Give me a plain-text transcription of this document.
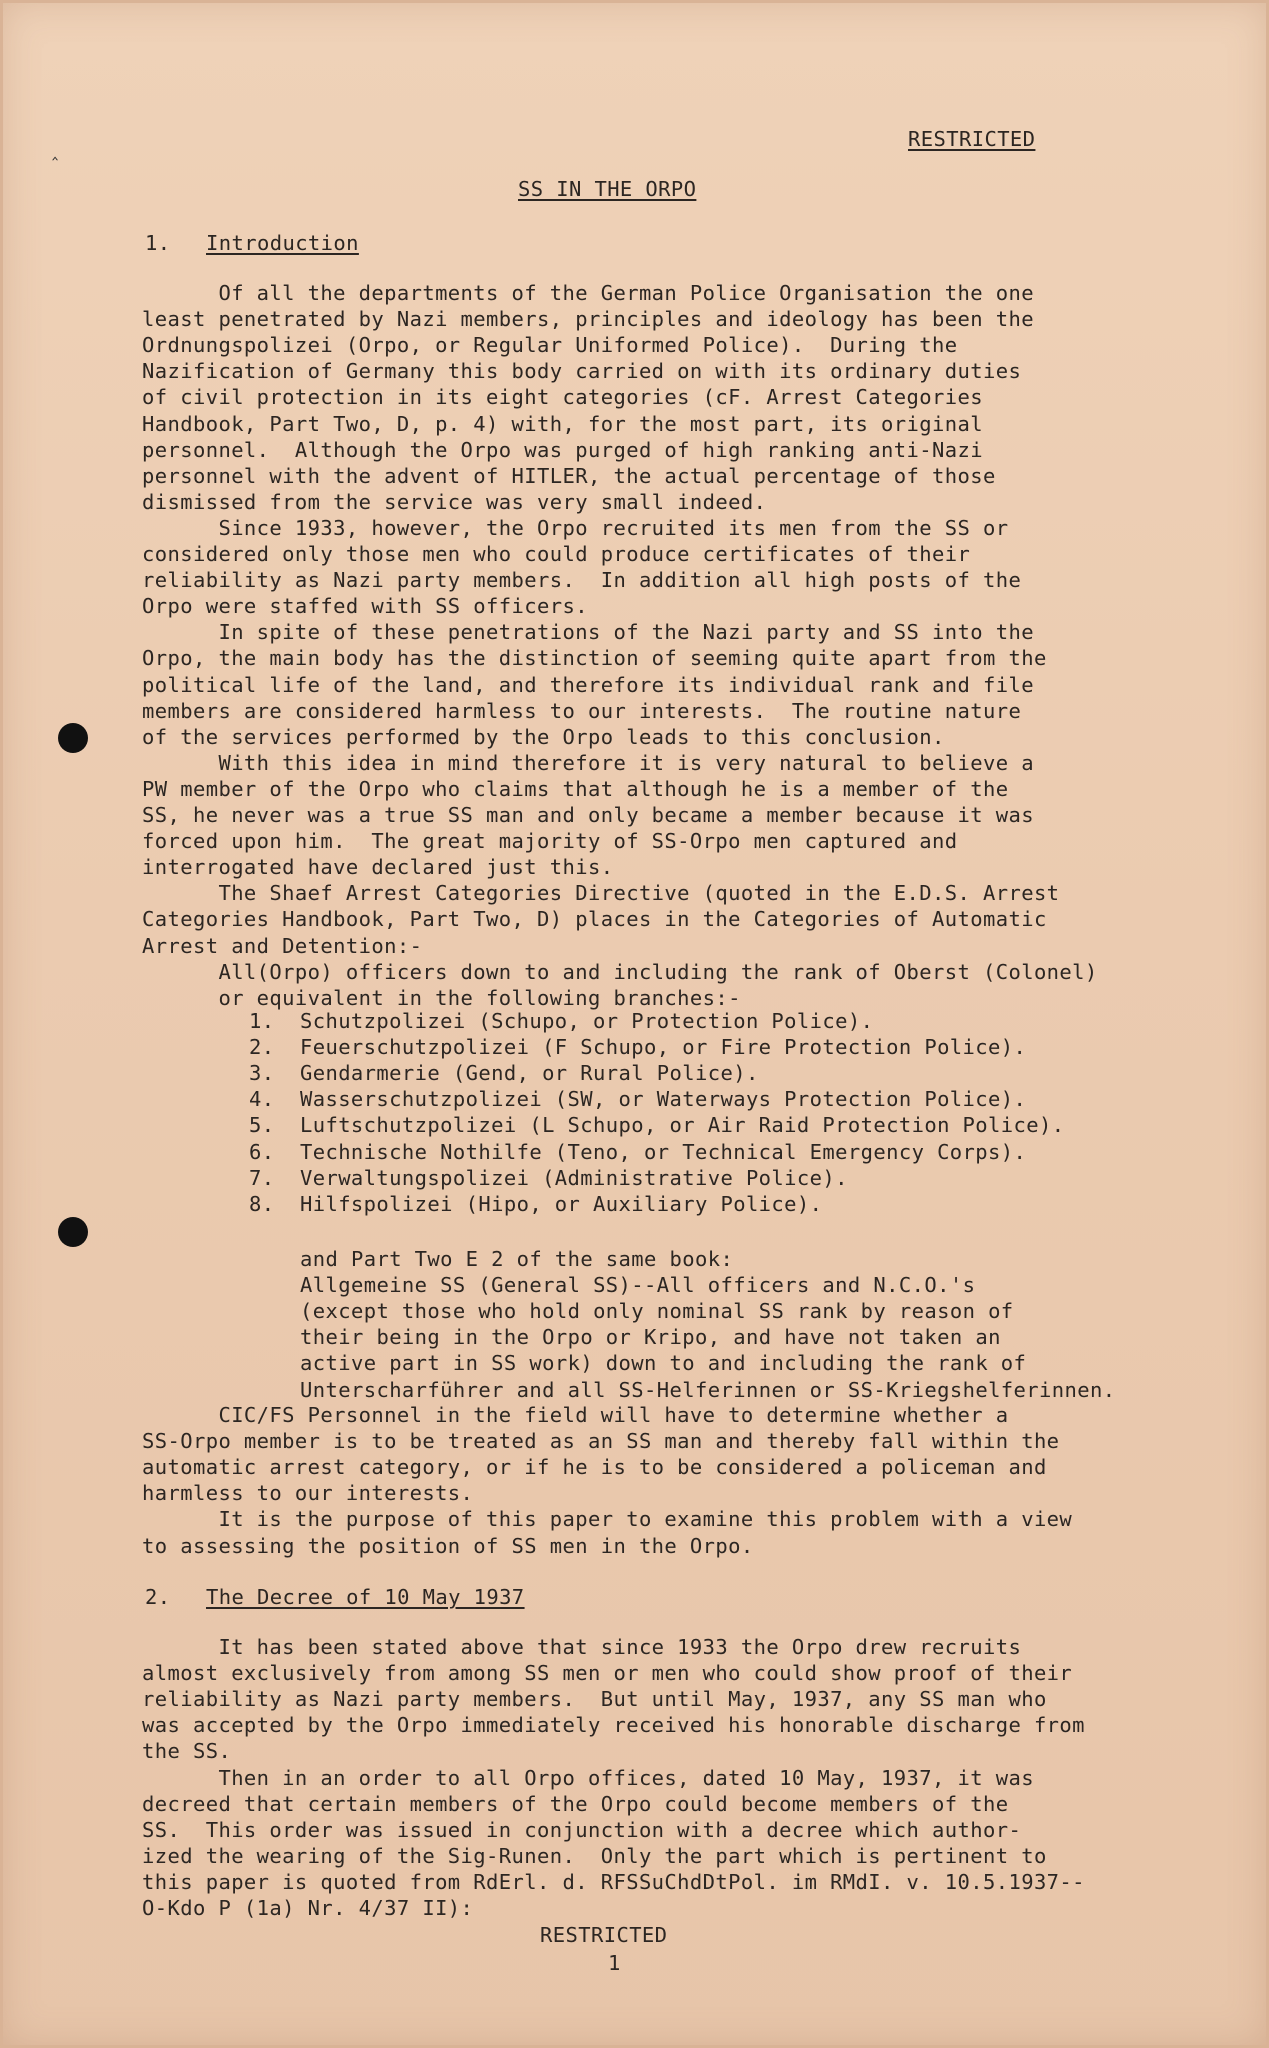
‸	RESTRICTED
SS IN THE ORPO
1. Introduction
Of all the departments of the German Police Organisation the one
least penetrated by Nazi members, principles and ideology has been the
Ordnungspolizei (Orpo, or Regular Uniformed Police).  During the
Nazification of Germany this body carried on with its ordinary duties
of civil protection in its eight categories (cF. Arrest Categories
Handbook, Part Two, D, p. 4) with, for the most part, its original
personnel.  Although the Orpo was purged of high ranking anti-Nazi
personnel with the advent of HITLER, the actual percentage of those
dismissed from the service was very small indeed.
Since 1933, however, the Orpo recruited its men from the SS or
considered only those men who could produce certificates of their
reliability as Nazi party members.  In addition all high posts of the
Orpo were staffed with SS officers.
In spite of these penetrations of the Nazi party and SS into the
Orpo, the main body has the distinction of seeming quite apart from the
political life of the land, and therefore its individual rank and file
members are considered harmless to our interests.  The routine nature
of the services performed by the Orpo leads to this conclusion.
With this idea in mind therefore it is very natural to believe a
PW member of the Orpo who claims that although he is a member of the
SS, he never was a true SS man and only became a member because it was
forced upon him.  The great majority of SS-Orpo men captured and
interrogated have declared just this.
The Shaef Arrest Categories Directive (quoted in the E.D.S. Arrest
Categories Handbook, Part Two, D) places in the Categories of Automatic
Arrest and Detention:-
All(Orpo) officers down to and including the rank of Oberst (Colonel)
or equivalent in the following branches:-
1.  Schutzpolizei (Schupo, or Protection Police).
2.  Feuerschutzpolizei (F Schupo, or Fire Protection Police).
3.  Gendarmerie (Gend, or Rural Police).
4.  Wasserschutzpolizei (SW, or Waterways Protection Police).
5.  Luftschutzpolizei (L Schupo, or Air Raid Protection Police).
6.  Technische Nothilfe (Teno, or Technical Emergency Corps).
7.  Verwaltungspolizei (Administrative Police).
8.  Hilfspolizei (Hipo, or Auxiliary Police).
and Part Two E 2 of the same book:
Allgemeine SS (General SS)--All officers and N.C.O.'s
(except those who hold only nominal SS rank by reason of
their being in the Orpo or Kripo, and have not taken an
active part in SS work) down to and including the rank of
Unterscharführer and all SS-Helferinnen or SS-Kriegshelferinnen.
CIC/FS Personnel in the field will have to determine whether a
SS-Orpo member is to be treated as an SS man and thereby fall within the
automatic arrest category, or if he is to be considered a policeman and
harmless to our interests.
It is the purpose of this paper to examine this problem with a view
to assessing the position of SS men in the Orpo.
2. The Decree of 10 May 1937
It has been stated above that since 1933 the Orpo drew recruits
almost exclusively from among SS men or men who could show proof of their
reliability as Nazi party members.  But until May, 1937, any SS man who
was accepted by the Orpo immediately received his honorable discharge from
the SS.
Then in an order to all Orpo offices, dated 10 May, 1937, it was
decreed that certain members of the Orpo could become members of the
SS.  This order was issued in conjunction with a decree which author-
ized the wearing of the Sig-Runen.  Only the part which is pertinent to
this paper is quoted from RdErl. d. RFSSuChdDtPol. im RMdI. v. 10.5.1937--
O-Kdo P (1a) Nr. 4/37 II):
RESTRICTED
1
